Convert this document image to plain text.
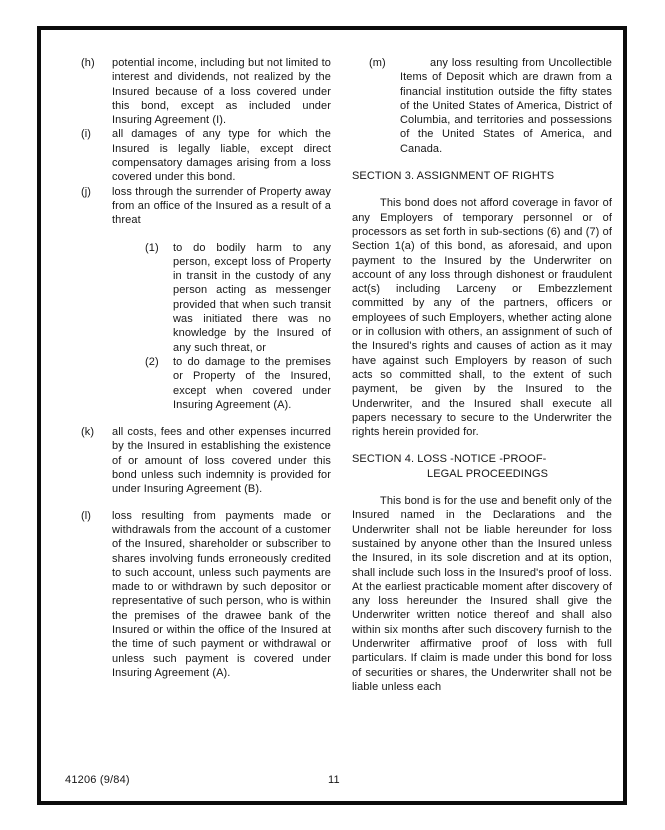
(h)	potential income, including but not limited to interest and dividends, not realized by the Insured because of a loss covered under this bond, except as included under Insuring Agreement (I).
(i)	all damages of any type for which the Insured is legally liable, except direct compensatory damages arising from a loss covered under this bond.
(j)	loss through the surrender of Property away from an office of the Insured as a result of a threat
(1)	to do bodily harm to any person, except loss of Property in transit in the custody of any person acting as messenger provided that when such transit was initiated there was no knowledge by the Insured of any such threat, or
(2)	to do damage to the premises or Property of the Insured, except when covered under Insuring Agreement (A).
(k)	all costs, fees and other expenses incurred by the Insured in establishing the existence of or amount of loss covered under this bond unless such indemnity is provided for under Insuring Agreement (B).
(l)	loss resulting from payments made or withdrawals from the account of a customer of the Insured, shareholder or subscriber to shares involving funds erroneously credited to such account, unless such payments are made to or withdrawn by such depositor or representative of such person, who is within the premises of the drawee bank of the Insured or within the office of the Insured at the time of such payment or withdrawal or unless such payment is covered under Insuring Agreement (A).
(m)	any loss resulting from Uncollectible Items of Deposit which are drawn from a financial institution outside the fifty states of the United States of America, District of Columbia, and territories and possessions of the United States of America, and Canada.
SECTION 3. ASSIGNMENT OF RIGHTS

This bond does not afford coverage in favor of any Employers of temporary personnel or of processors as set forth in sub-sections (6) and (7) of Section 1(a) of this bond, as aforesaid, and upon payment to the Insured by the Underwriter on account of any loss through dishonest or fraudulent act(s) including Larceny or Embezzlement committed by any of the partners, officers or employees of such Employers, whether acting alone or in collusion with others, an assignment of such of the Insured's rights and causes of action as it may have against such Employers by reason of such acts so committed shall, to the extent of such payment, be given by the Insured to the Underwriter, and the Insured shall execute all papers necessary to secure to the Underwriter the rights herein provided for.

SECTION 4. LOSS -NOTICE -PROOF-
LEGAL PROCEEDINGS

This bond is for the use and benefit only of the Insured named in the Declarations and the Underwriter shall not be liable hereunder for loss sustained by anyone other than the Insured unless the Insured, in its sole discretion and at its option, shall include such loss in the Insured's proof of loss. At the earliest practicable moment after discovery of any loss hereunder the Insured shall give the Underwriter written notice thereof and shall also within six months after such discovery furnish to the Underwriter affirmative proof of loss with full particulars. If claim is made under this bond for loss of securities or shares, the Underwriter shall not be liable unless each

41206 (9/84)	11
